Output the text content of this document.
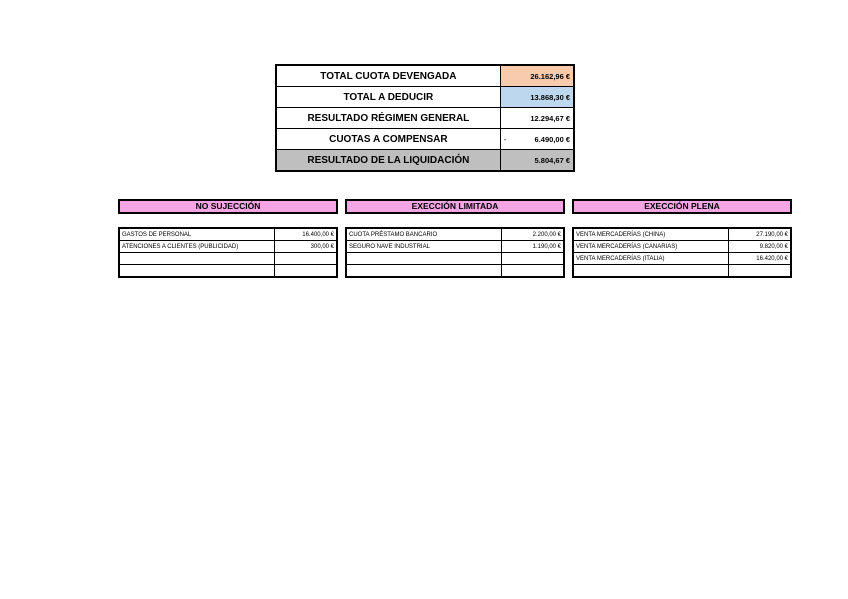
TOTAL CUOTA DEVENGADA	26.162,96 €
TOTAL A DEDUCIR	13.868,30 €
RESULTADO RÉGIMEN GENERAL	12.294,67 €
CUOTAS A COMPENSAR	- 6.490,00 €
RESULTADO DE LA LIQUIDACIÓN	5.804,67 €
NO SUJECCIÓN
GASTOS DE PERSONAL	16.400,00 €
ATENCIONES A CLIENTES (PUBLICIDAD)	300,00 €

EXECCIÓN LIMITADA
CUOTA PRÉSTAMO BANCARIO	2.200,00 €
SEGURO NAVE INDUSTRIAL	1.190,00 €

EXECCIÓN PLENA
VENTA MERCADERÍAS (CHINA)	27.190,00 €
VENTA MERCADERÍAS (CANARIAS)	9.820,00 €
VENTA MERCADERÍAS (ITALIA)	16.420,00 €
